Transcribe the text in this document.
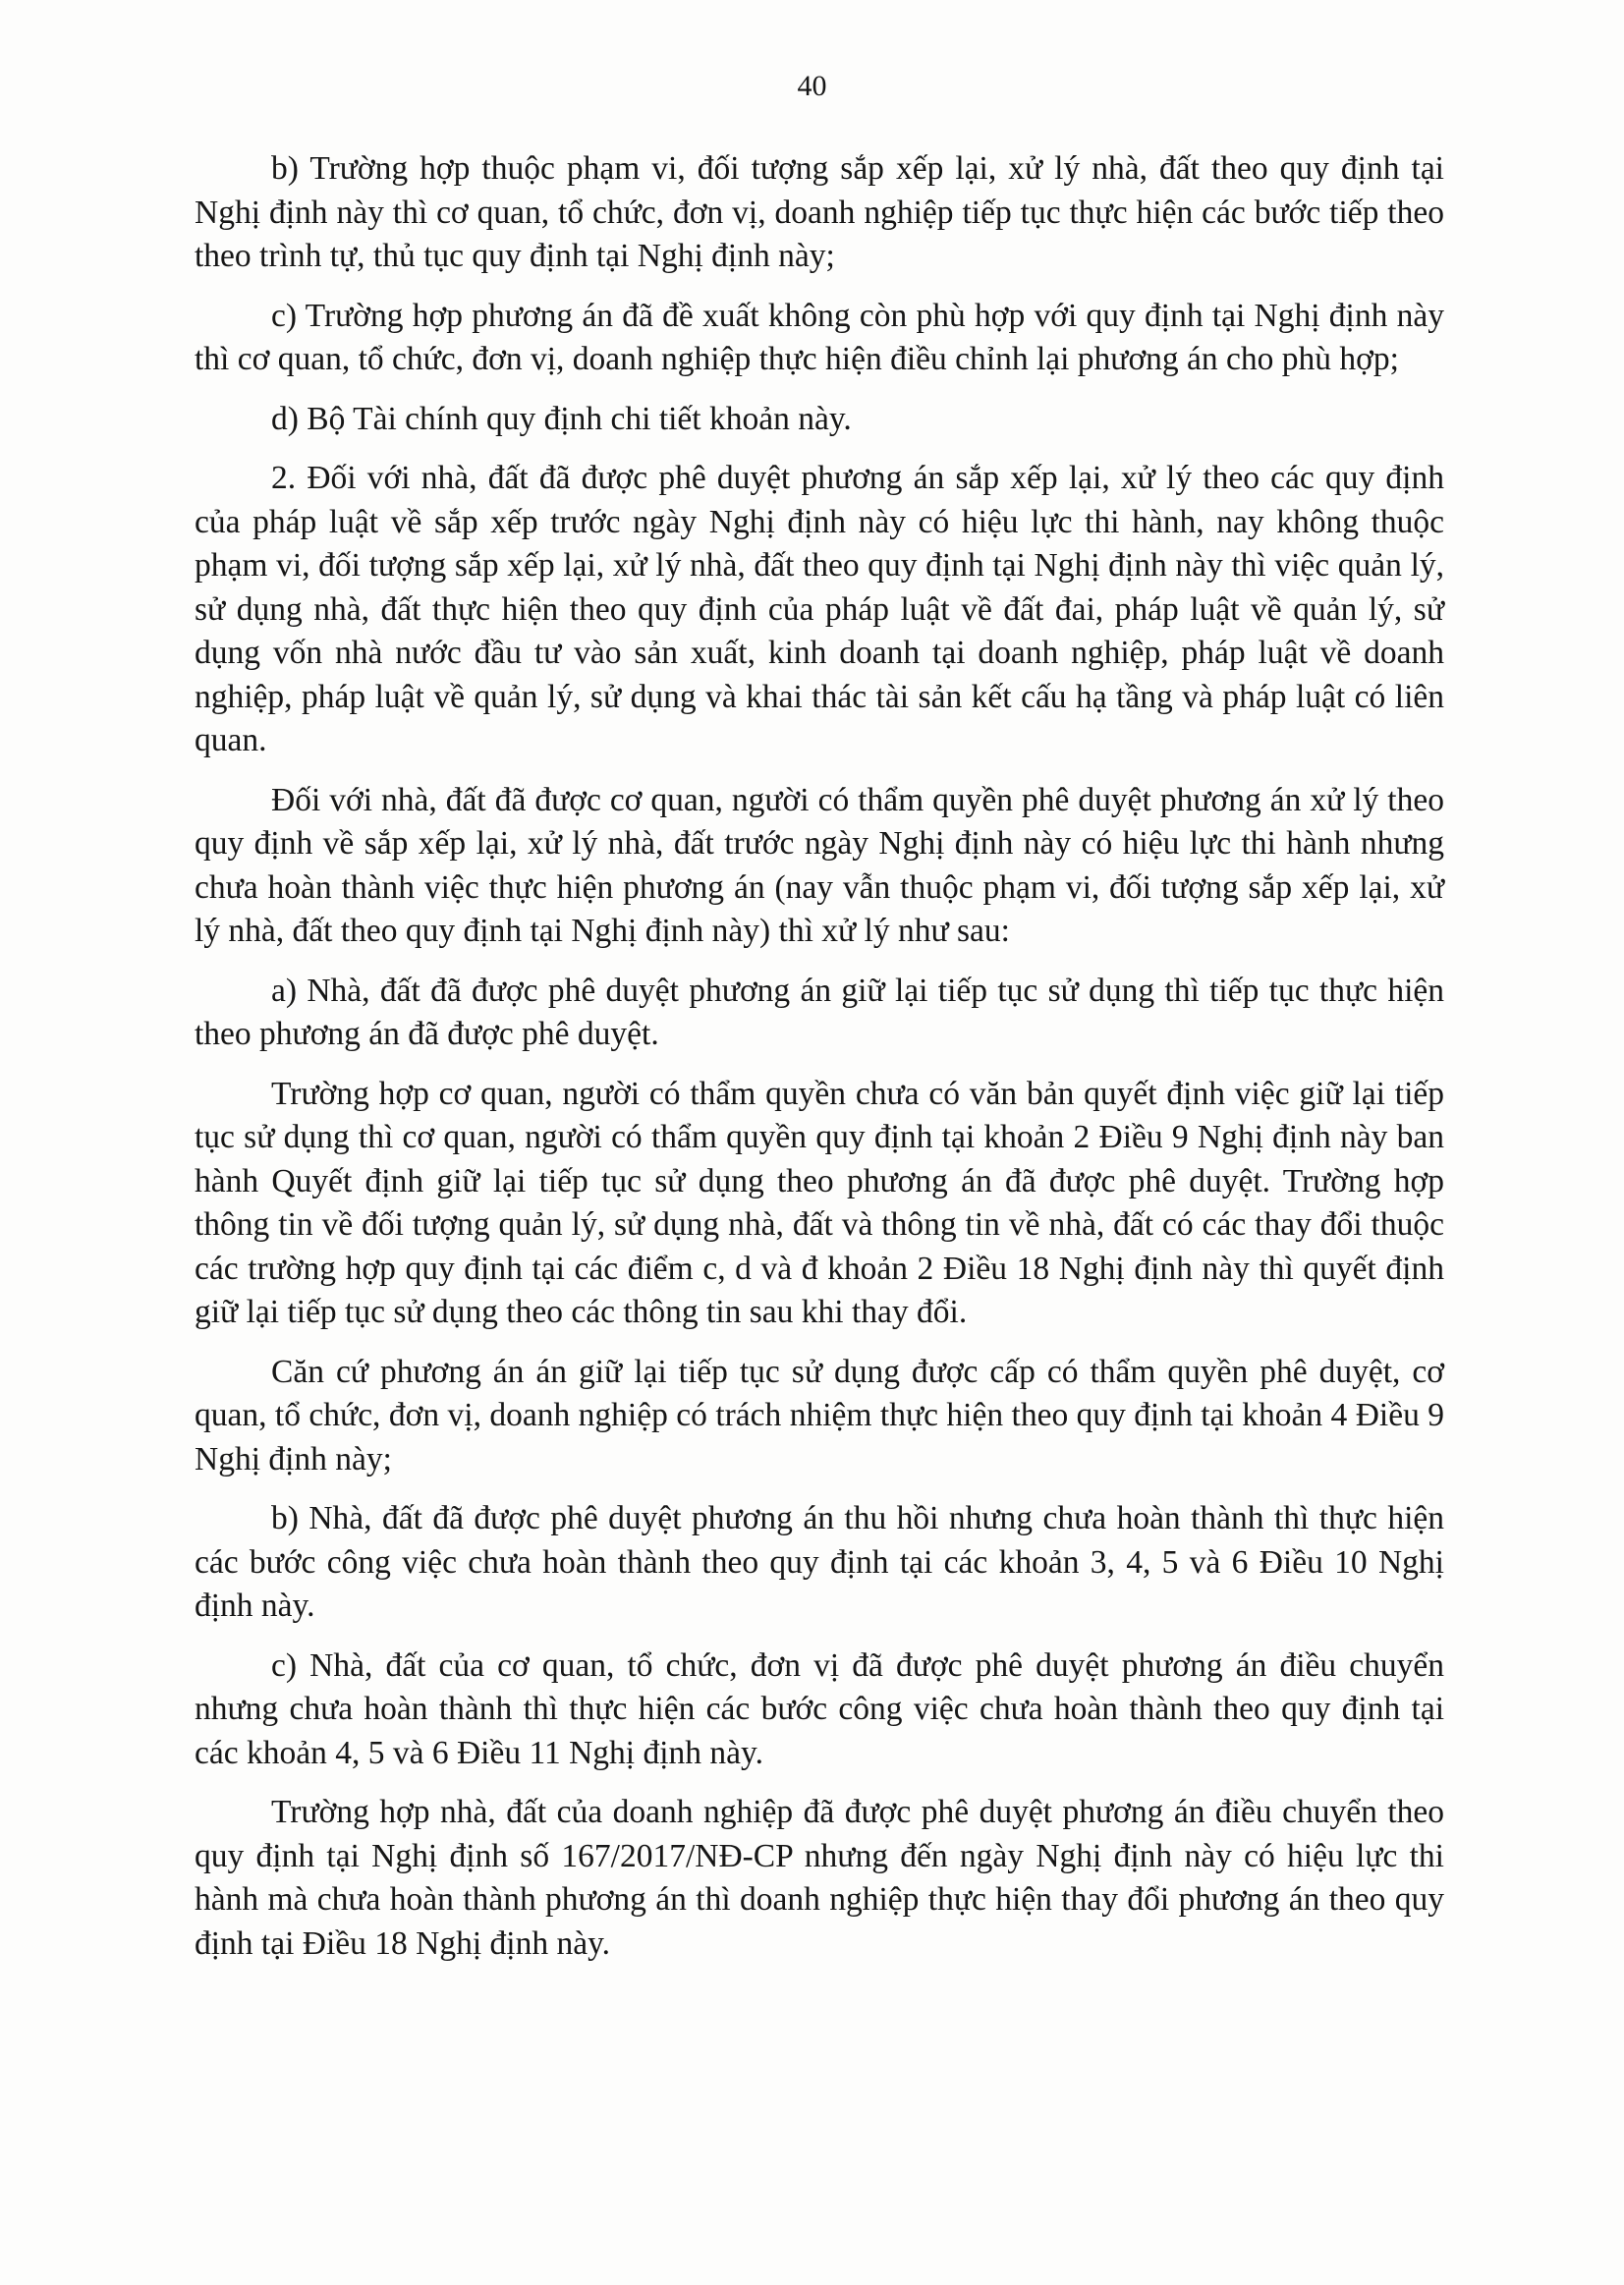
40

b) Trường hợp thuộc phạm vi, đối tượng sắp xếp lại, xử lý nhà, đất theo quy định tại Nghị định này thì cơ quan, tổ chức, đơn vị, doanh nghiệp tiếp tục thực hiện các bước tiếp theo theo trình tự, thủ tục quy định tại Nghị định này;

c) Trường hợp phương án đã đề xuất không còn phù hợp với quy định tại Nghị định này thì cơ quan, tổ chức, đơn vị, doanh nghiệp thực hiện điều chỉnh lại phương án cho phù hợp;

d) Bộ Tài chính quy định chi tiết khoản này.

2. Đối với nhà, đất đã được phê duyệt phương án sắp xếp lại, xử lý theo các quy định của pháp luật về sắp xếp trước ngày Nghị định này có hiệu lực thi hành, nay không thuộc phạm vi, đối tượng sắp xếp lại, xử lý nhà, đất theo quy định tại Nghị định này thì việc quản lý, sử dụng nhà, đất thực hiện theo quy định của pháp luật về đất đai, pháp luật về quản lý, sử dụng vốn nhà nước đầu tư vào sản xuất, kinh doanh tại doanh nghiệp, pháp luật về doanh nghiệp, pháp luật về quản lý, sử dụng và khai thác tài sản kết cấu hạ tầng và pháp luật có liên quan.

Đối với nhà, đất đã được cơ quan, người có thẩm quyền phê duyệt phương án xử lý theo quy định về sắp xếp lại, xử lý nhà, đất trước ngày Nghị định này có hiệu lực thi hành nhưng chưa hoàn thành việc thực hiện phương án (nay vẫn thuộc phạm vi, đối tượng sắp xếp lại, xử lý nhà, đất theo quy định tại Nghị định này) thì xử lý như sau:

a) Nhà, đất đã được phê duyệt phương án giữ lại tiếp tục sử dụng thì tiếp tục thực hiện theo phương án đã được phê duyệt.

Trường hợp cơ quan, người có thẩm quyền chưa có văn bản quyết định việc giữ lại tiếp tục sử dụng thì cơ quan, người có thẩm quyền quy định tại khoản 2 Điều 9 Nghị định này ban hành Quyết định giữ lại tiếp tục sử dụng theo phương án đã được phê duyệt. Trường hợp thông tin về đối tượng quản lý, sử dụng nhà, đất và thông tin về nhà, đất có các thay đổi thuộc các trường hợp quy định tại các điểm c, d và đ khoản 2 Điều 18 Nghị định này thì quyết định giữ lại tiếp tục sử dụng theo các thông tin sau khi thay đổi.

Căn cứ phương án án giữ lại tiếp tục sử dụng được cấp có thẩm quyền phê duyệt, cơ quan, tổ chức, đơn vị, doanh nghiệp có trách nhiệm thực hiện theo quy định tại khoản 4 Điều 9 Nghị định này;

b) Nhà, đất đã được phê duyệt phương án thu hồi nhưng chưa hoàn thành thì thực hiện các bước công việc chưa hoàn thành theo quy định tại các khoản 3, 4, 5 và 6 Điều 10 Nghị định này.

c) Nhà, đất của cơ quan, tổ chức, đơn vị đã được phê duyệt phương án điều chuyển nhưng chưa hoàn thành thì thực hiện các bước công việc chưa hoàn thành theo quy định tại các khoản 4, 5 và 6 Điều 11 Nghị định này.

Trường hợp nhà, đất của doanh nghiệp đã được phê duyệt phương án điều chuyển theo quy định tại Nghị định số 167/2017/NĐ-CP nhưng đến ngày Nghị định này có hiệu lực thi hành mà chưa hoàn thành phương án thì doanh nghiệp thực hiện thay đổi phương án theo quy định tại Điều 18 Nghị định này.
